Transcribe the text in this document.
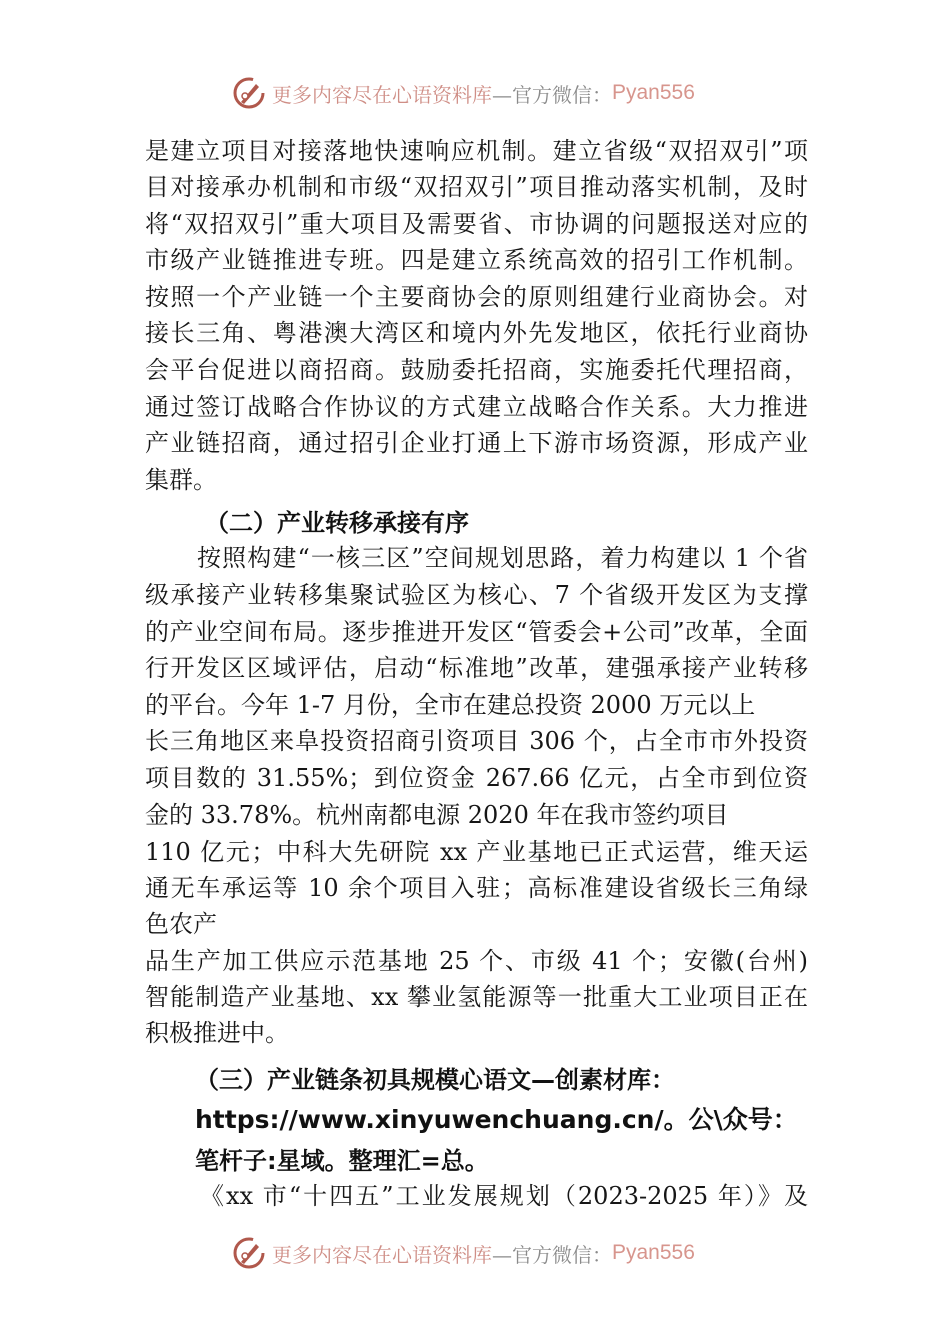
更多内容尽在心语资料库 —官方微信： Pyan556
是建立项目对接落地快速响应机制。建立省级“双招双引”项
目对接承办机制和市级“双招双引”项目推动落实机制，及时
将“双招双引”重大项目及需要省、市协调的问题报送对应的
市级产业链推进专班。四是建立系统高效的招引工作机制。
按照一个产业链一个主要商协会的原则组建行业商协会。对
接长三角、粤港澳大湾区和境内外先发地区，依托行业商协
会平台促进以商招商。鼓励委托招商，实施委托代理招商，
通过签订战略合作协议的方式建立战略合作关系。大力推进
产业链招商，通过招引企业打通上下游市场资源，形成产业
集群。
按照构建“一核三区”空间规划思路，着力构建以 1 个省
级承接产业转移集聚试验区为核心、7 个省级开发区为支撑
的产业空间布局。逐步推进开发区“管委会+公司”改革，全面
行开发区区域评估，启动“标准地”改革，建强承接产业转移
的平台。今年 1-7 月份，全市在建总投资 2000 万元以上
长三角地区来阜投资招商引资项目 306 个，占全市市外投资
项目数的 31.55%；到位资金 267.66 亿元，占全市到位资
金的 33.78%。杭州南都电源 2020 年在我市签约项目
110 亿元；中科大先研院 xx 产业基地已正式运营，维天运
通无车承运等 10 余个项目入驻；高标准建设省级长三角绿
色农产
品生产加工供应示范基地 25 个、市级 41 个；安徽(台州)
智能制造产业基地、xx 攀业氢能源等一批重大工业项目正在
积极推进中。
《xx 市“十四五”工业发展规划（2023-2025 年）》及
（二）产业转移承接有序
（三）产业链条初具规模心语文—创素材库：
https://www.xinyuwenchuang.cn/。公\众号：
笔杆子:星域。整理汇=总。
更多内容尽在心语资料库 —官方微信： Pyan556
